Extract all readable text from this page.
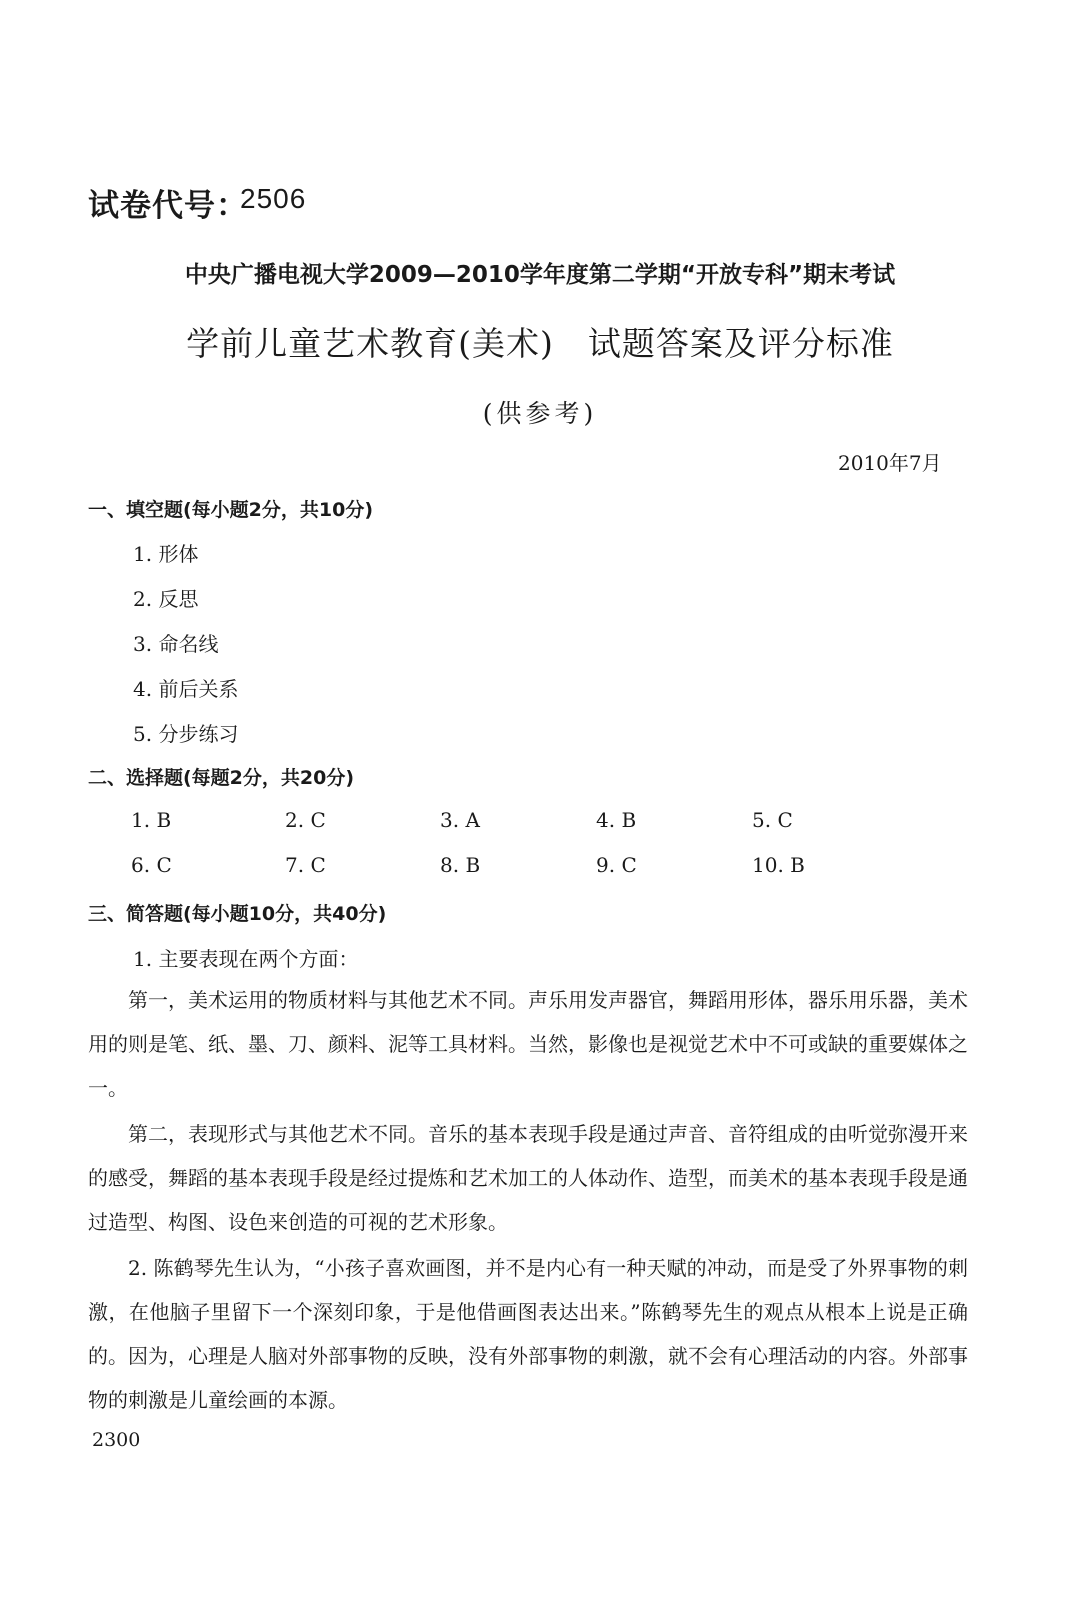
试卷代号：
2506
中央广播电视大学2009—2010学年度第二学期“开放专科”期末考试
学前儿童艺术教育(美术)　试题答案及评分标准
(供参考)
2010年7月
一、填空题(每小题2分，共10分)
1. 形体
2. 反思
3. 命名线
4. 前后关系
5. 分步练习
二、选择题(每题2分，共20分)
1. B	2. C	3. A	4. B	5. C
6. C	7. C	8. B	9. C	10. B
三、简答题(每小题10分，共40分)
1. 主要表现在两个方面：
第一，美术运用的物质材料与其他艺术不同。声乐用发声器官，舞蹈用形体，器乐用乐器，美术用的则是笔、纸、墨、刀、颜料、泥等工具材料。当然，影像也是视觉艺术中不可或缺的重要媒体之一。
第二，表现形式与其他艺术不同。音乐的基本表现手段是通过声音、音符组成的由听觉弥漫开来的感受，舞蹈的基本表现手段是经过提炼和艺术加工的人体动作、造型，而美术的基本表现手段是通过造型、构图、设色来创造的可视的艺术形象。
2. 陈鹤琴先生认为，“小孩子喜欢画图，并不是内心有一种天赋的冲动，而是受了外界事物的刺激，在他脑子里留下一个深刻印象，于是他借画图表达出来。”陈鹤琴先生的观点从根本上说是正确的。因为，心理是人脑对外部事物的反映，没有外部事物的刺激，就不会有心理活动的内容。外部事物的刺激是儿童绘画的本源。
2300
